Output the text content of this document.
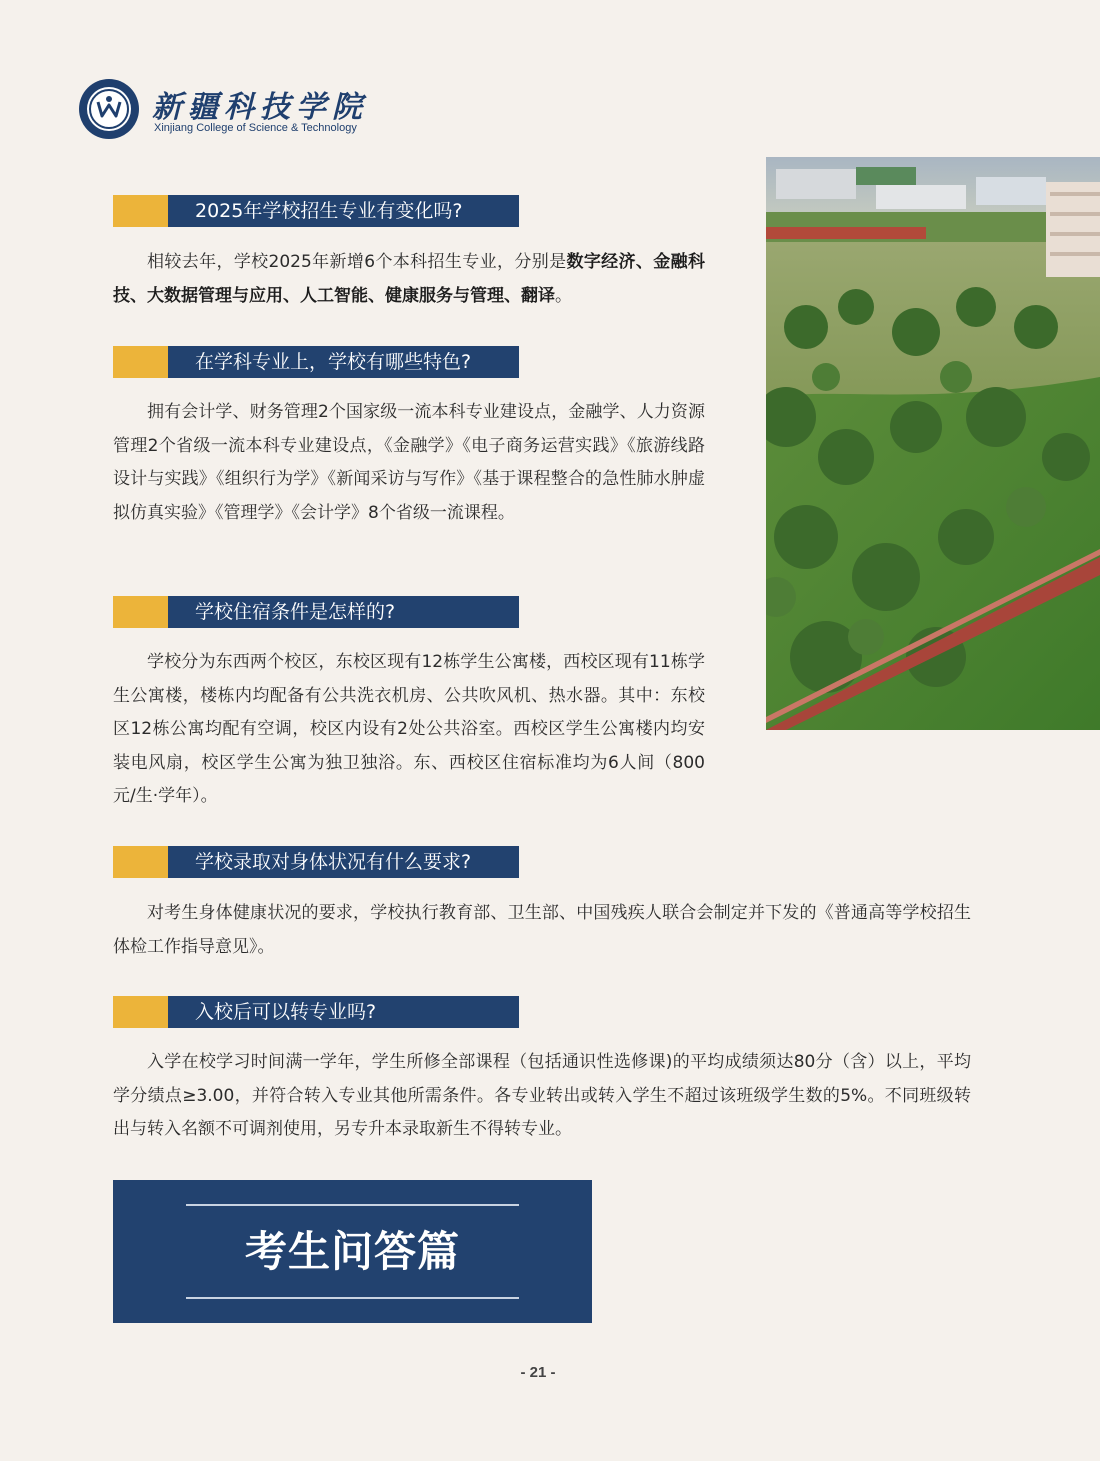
新疆科技学院
Xinjiang College of Science & Technology
2025年学校招生专业有变化吗?

相较去年，学校2025年新增6个本科招生专业，分别是数字经济、金融科技、大数据管理与应用、人工智能、健康服务与管理、翻译。

在学科专业上，学校有哪些特色?

拥有会计学、财务管理2个国家级一流本科专业建设点，金融学、人力资源管理2个省级一流本科专业建设点，《金融学》《电子商务运营实践》《旅游线路设计与实践》《组织行为学》《新闻采访与写作》《基于课程整合的急性肺水肿虚拟仿真实验》《管理学》《会计学》8个省级一流课程。

学校住宿条件是怎样的?

学校分为东西两个校区，东校区现有12栋学生公寓楼，西校区现有11栋学生公寓楼，楼栋内均配备有公共洗衣机房、公共吹风机、热水器。其中：东校区12栋公寓均配有空调，校区内设有2处公共浴室。西校区学生公寓楼内均安装电风扇，校区学生公寓为独卫独浴。东、西校区住宿标准均为6人间（800元/生·学年）。

学校录取对身体状况有什么要求?

对考生身体健康状况的要求，学校执行教育部、卫生部、中国残疾人联合会制定并下发的《普通高等学校招生体检工作指导意见》。

入校后可以转专业吗?

入学在校学习时间满一学年，学生所修全部课程（包括通识性选修课)的平均成绩须达80分（含）以上，平均学分绩点≥3.00，并符合转入专业其他所需条件。各专业转出或转入学生不超过该班级学生数的5%。不同班级转出与转入名额不可调剂使用，另专升本录取新生不得转专业。

考生问答篇
- 21 -
